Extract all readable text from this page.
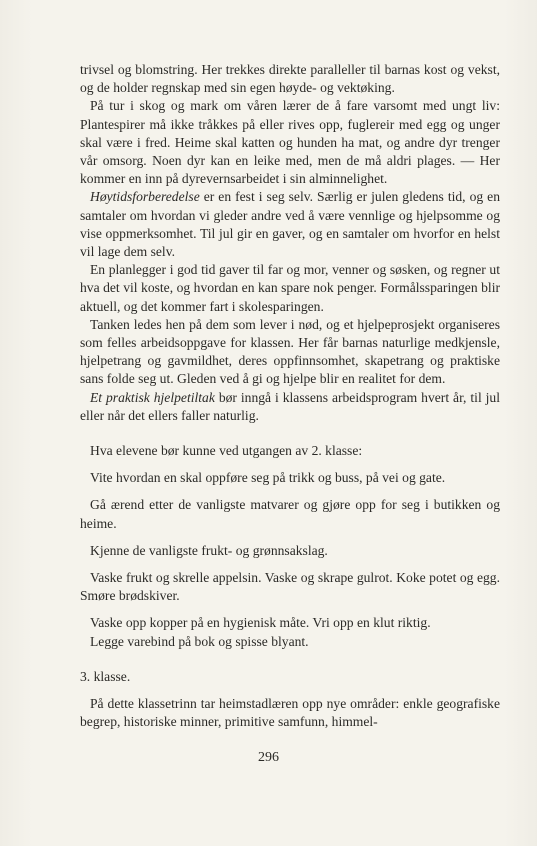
trivsel og blomstring. Her trekkes direkte paralleller til barnas kost og vekst, og de holder regnskap med sin egen høyde- og vektøking.

På tur i skog og mark om våren lærer de å fare varsomt med ungt liv: Plantespirer må ikke tråkkes på eller rives opp, fuglereir med egg og unger skal være i fred. Heime skal katten og hunden ha mat, og andre dyr trenger vår omsorg. Noen dyr kan en leike med, men de må aldri plages. — Her kommer en inn på dyrevernsarbeidet i sin alminnelighet.

Høytidsforberedelse er en fest i seg selv. Særlig er julen gledens tid, og en samtaler om hvordan vi gleder andre ved å være vennlige og hjelpsomme og vise oppmerksomhet. Til jul gir en gaver, og en samtaler om hvorfor en helst vil lage dem selv.

En planlegger i god tid gaver til far og mor, venner og søsken, og regner ut hva det vil koste, og hvordan en kan spare nok penger. Formålssparingen blir aktuell, og det kommer fart i skolesparingen.

Tanken ledes hen på dem som lever i nød, og et hjelpeprosjekt organiseres som felles arbeidsoppgave for klassen. Her får barnas naturlige medkjensle, hjelpetrang og gavmildhet, deres oppfinnsomhet, skapetrang og praktiske sans folde seg ut. Gleden ved å gi og hjelpe blir en realitet for dem.

Et praktisk hjelpetiltak bør inngå i klassens arbeidsprogram hvert år, til jul eller når det ellers faller naturlig.

Hva elevene bør kunne ved utgangen av 2. klasse:

Vite hvordan en skal oppføre seg på trikk og buss, på vei og gate.

Gå ærend etter de vanligste matvarer og gjøre opp for seg i butikken og heime.

Kjenne de vanligste frukt- og grønnsakslag.

Vaske frukt og skrelle appelsin. Vaske og skrape gulrot. Koke potet og egg. Smøre brødskiver.

Vaske opp kopper på en hygienisk måte. Vri opp en klut riktig.

Legge varebind på bok og spisse blyant.

3. klasse.

På dette klassetrinn tar heimstadlæren opp nye områder: enkle geografiske begrep, historiske minner, primitive samfunn, himmel-

296
